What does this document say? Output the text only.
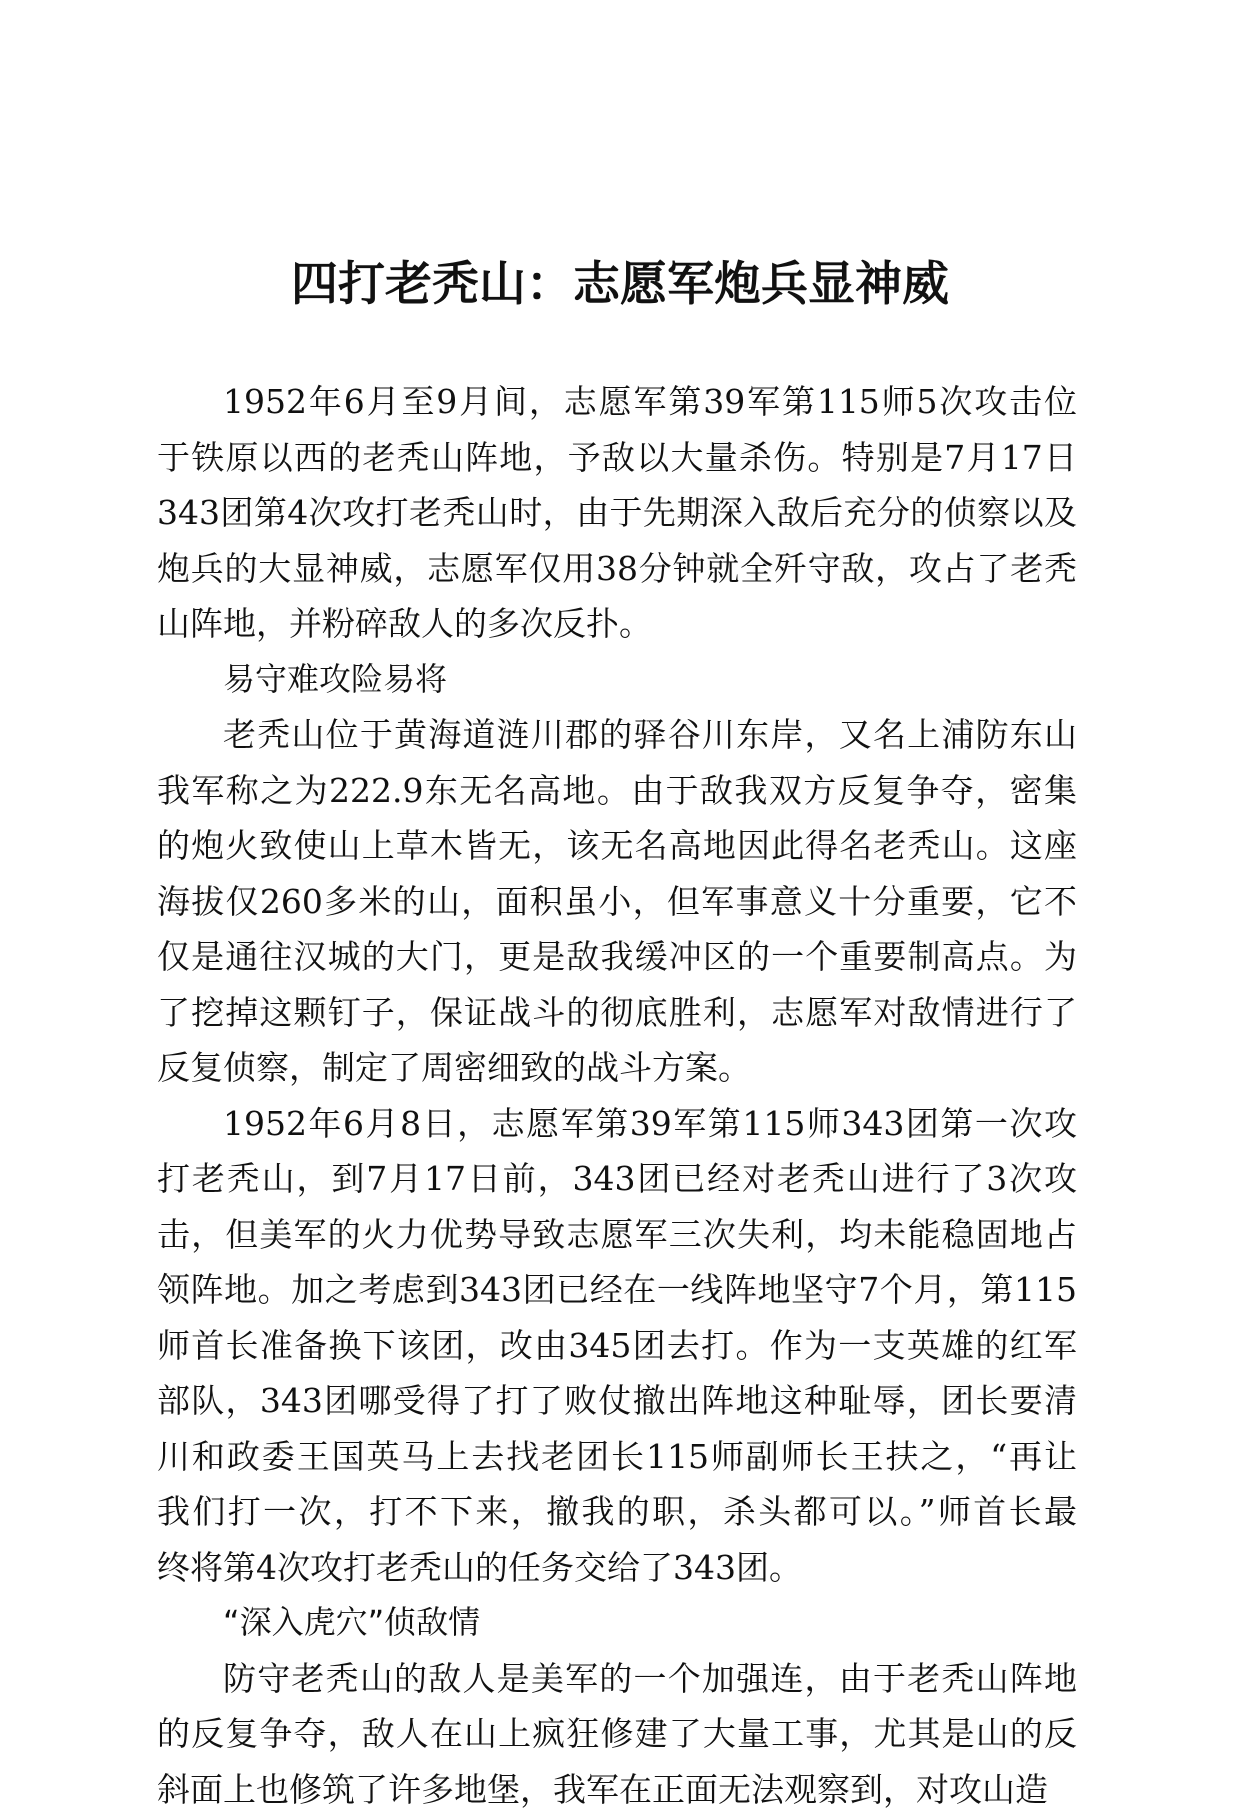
四打老秃山：志愿军炮兵显神威
1952年6月至9月间，志愿军第39军第115师5次攻击位
于铁原以西的老秃山阵地，予敌以大量杀伤。特别是7月17日
343团第4次攻打老秃山时，由于先期深入敌后充分的侦察以及
炮兵的大显神威，志愿军仅用38分钟就全歼守敌，攻占了老秃
山阵地，并粉碎敌人的多次反扑。
易守难攻险易将
老秃山位于黄海道涟川郡的驿谷川东岸，又名上浦防东山
我军称之为222.9东无名高地。由于敌我双方反复争夺，密集
的炮火致使山上草木皆无，该无名高地因此得名老秃山。这座
海拔仅260多米的山，面积虽小，但军事意义十分重要，它不
仅是通往汉城的大门，更是敌我缓冲区的一个重要制高点。为
了挖掉这颗钉子，保证战斗的彻底胜利，志愿军对敌情进行了
反复侦察，制定了周密细致的战斗方案。
1952年6月8日，志愿军第39军第115师343团第一次攻
打老秃山，到7月17日前，343团已经对老秃山进行了3次攻
击，但美军的火力优势导致志愿军三次失利，均未能稳固地占
领阵地。加之考虑到343团已经在一线阵地坚守7个月，第115
师首长准备换下该团，改由345团去打。作为一支英雄的红军
部队，343团哪受得了打了败仗撤出阵地这种耻辱，团长要清
川和政委王国英马上去找老团长115师副师长王扶之，“再让
我们打一次，打不下来，撤我的职，杀头都可以。”师首长最
终将第4次攻打老秃山的任务交给了343团。
“深入虎穴”侦敌情
防守老秃山的敌人是美军的一个加强连，由于老秃山阵地
的反复争夺，敌人在山上疯狂修建了大量工事，尤其是山的反
斜面上也修筑了许多地堡，我军在正面无法观察到，对攻山造
